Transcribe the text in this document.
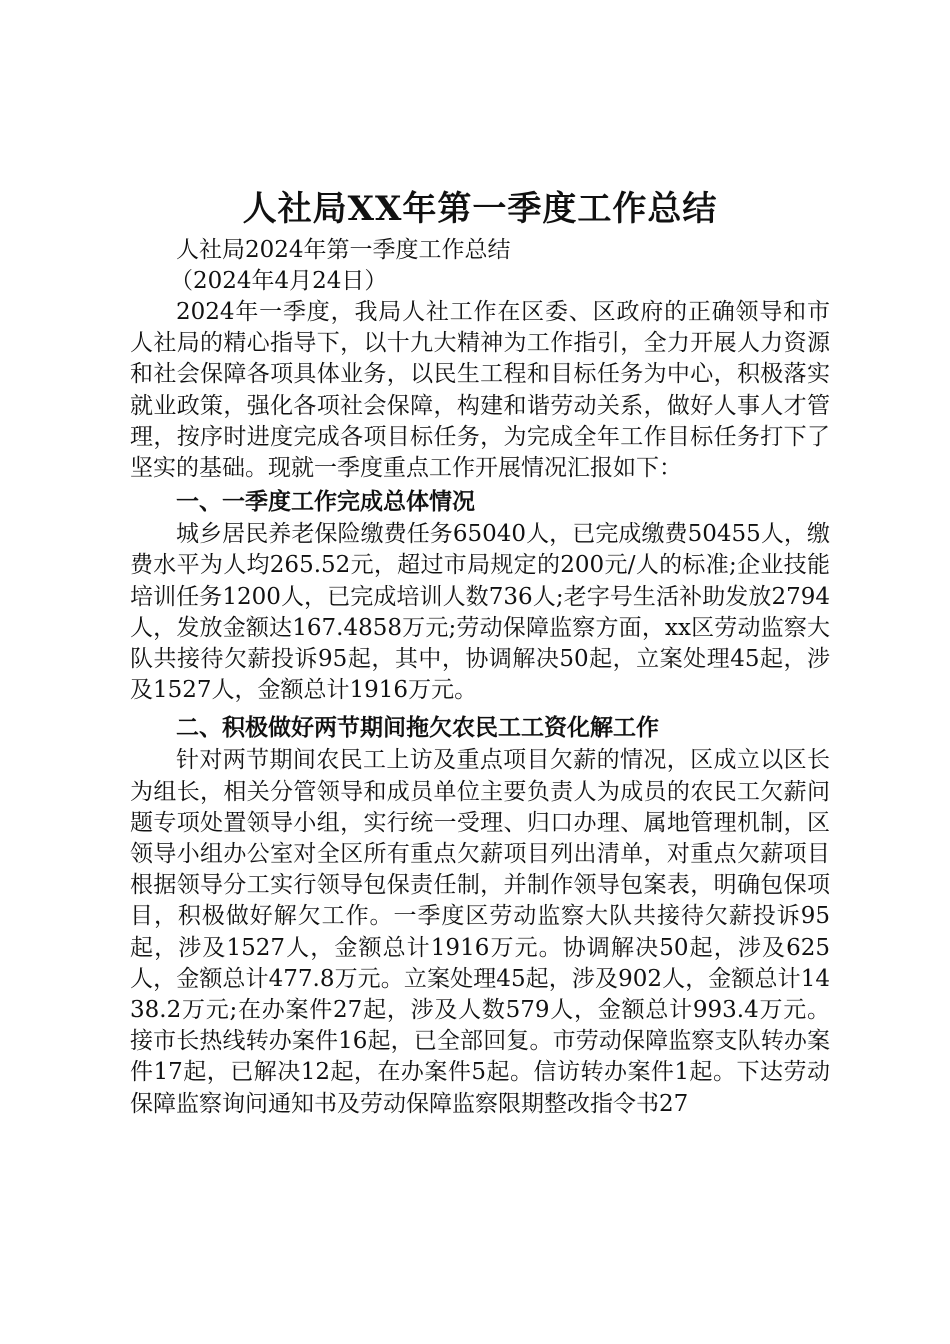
人社局XX年第一季度工作总结

人社局2024年第一季度工作总结

（2024年4月24日）

2024年一季度，我局人社工作在区委、区政府的正确领导和市人社局的精心指导下，以十九大精神为工作指引，全力开展人力资源和社会保障各项具体业务，以民生工程和目标任务为中心，积极落实就业政策，强化各项社会保障，构建和谐劳动关系，做好人事人才管理，按序时进度完成各项目标任务，为完成全年工作目标任务打下了坚实的基础。现就一季度重点工作开展情况汇报如下：

一、一季度工作完成总体情况

城乡居民养老保险缴费任务65040人，已完成缴费50455人，缴费水平为人均265.52元，超过市局规定的200元/人的标准;企业技能培训任务1200人，已完成培训人数736人;老字号生活补助发放2794人，发放金额达167.4858万元;劳动保障监察方面，xx区劳动监察大队共接待欠薪投诉95起，其中，协调解决50起，立案处理45起，涉及1527人，金额总计1916万元。

二、积极做好两节期间拖欠农民工工资化解工作

针对两节期间农民工上访及重点项目欠薪的情况，区成立以区长为组长，相关分管领导和成员单位主要负责人为成员的农民工欠薪问题专项处置领导小组，实行统一受理、归口办理、属地管理机制，区领导小组办公室对全区所有重点欠薪项目列出清单，对重点欠薪项目根据领导分工实行领导包保责任制，并制作领导包案表，明确包保项目，积极做好解欠工作。一季度区劳动监察大队共接待欠薪投诉95起，涉及1527人，金额总计1916万元。协调解决50起，涉及625人，金额总计477.8万元。立案处理45起，涉及902人，金额总计1438.2万元;在办案件27起，涉及人数579人，金额总计993.4万元。接市长热线转办案件16起，已全部回复。市劳动保障监察支队转办案件17起，已解决12起，在办案件5起。信访转办案件1起。下达劳动保障监察询问通知书及劳动保障监察限期整改指令书27
